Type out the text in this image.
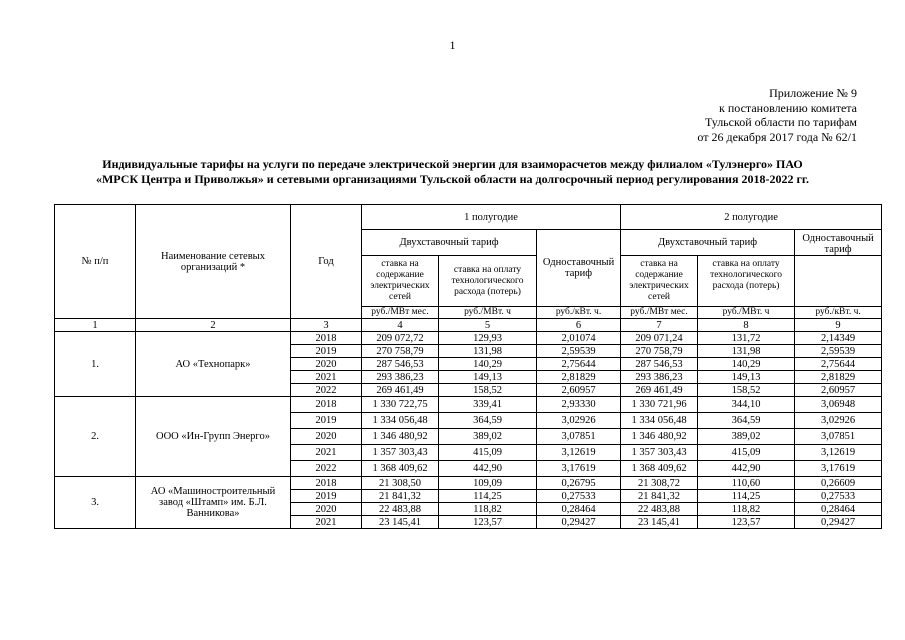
1
Приложение № 9
к постановлению комитета
Тульской области по тарифам
от 26 декабря 2017 года № 62/1
Индивидуальные тарифы на услуги по передаче электрической энергии для взаиморасчетов между филиалом «Тулэнерго» ПАО
«МРСК Центра и Приволжья» и сетевыми организациями Тульской области на долгосрочный период регулирования 2018-2022 гг.
№ п/п	Наименование сетевых организаций *	Год	1 полугодие			2 полугодие		
			Двухставочный тариф		Одноставочный тариф	Двухставочный тариф		Одноставочный тариф
			ставка на содержание электрических сетей	ставка на оплату технологического расхода (потерь)		ставка на содержание электрических сетей	ставка на оплату технологического расхода (потерь)	
			руб./МВт мес.	руб./МВт. ч	руб./кВт. ч.	руб./МВт мес.	руб./МВт. ч	руб./кВт. ч.
1	2	3	4	5	6	7	8	9
1.	АО «Технопарк»	2018	209 072,72	129,93	2,01074	209 071,24	131,72	2,14349
		2019	270 758,79	131,98	2,59539	270 758,79	131,98	2,59539
		2020	287 546,53	140,29	2,75644	287 546,53	140,29	2,75644
		2021	293 386,23	149,13	2,81829	293 386,23	149,13	2,81829
		2022	269 461,49	158,52	2,60957	269 461,49	158,52	2,60957
2.	ООО «Ин-Групп Энерго»	2018	1 330 722,75	339,41	2,93330	1 330 721,96	344,10	3,06948
		2019	1 334 056,48	364,59	3,02926	1 334 056,48	364,59	3,02926
		2020	1 346 480,92	389,02	3,07851	1 346 480,92	389,02	3,07851
		2021	1 357 303,43	415,09	3,12619	1 357 303,43	415,09	3,12619
		2022	1 368 409,62	442,90	3,17619	1 368 409,62	442,90	3,17619
3.	АО «Машиностроительный завод «Штамп» им. Б.Л. Ванникова»	2018	21 308,50	109,09	0,26795	21 308,72	110,60	0,26609
		2019	21 841,32	114,25	0,27533	21 841,32	114,25	0,27533
		2020	22 483,88	118,82	0,28464	22 483,88	118,82	0,28464
		2021	23 145,41	123,57	0,29427	23 145,41	123,57	0,29427
